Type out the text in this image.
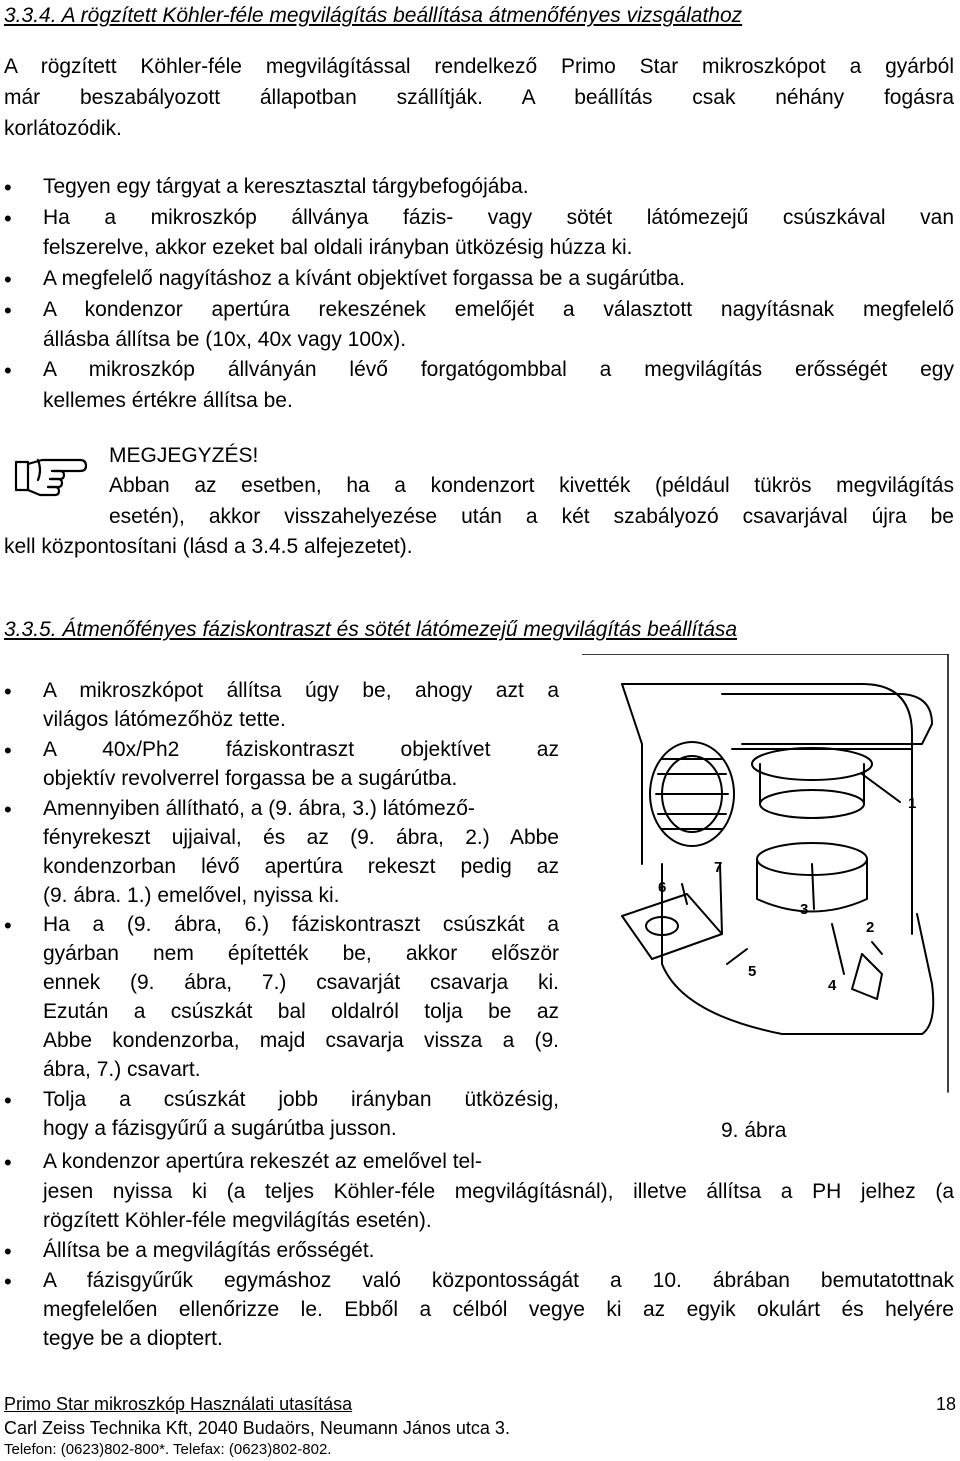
3.3.4. A rögzített Köhler-féle megvilágítás beállítása átmenőfényes vizsgálathoz
A rögzített Köhler-féle megvilágítással rendelkező Primo Star mikroszkópot a gyárból
már beszabályozott állapotban szállítják. A beállítás csak néhány fogásra
korlátozódik.
• Tegyen egy tárgyat a keresztasztal tárgybefogójába.
• Ha a mikroszkóp állványa fázis- vagy sötét látómezejű csúszkával van
felszerelve, akkor ezeket bal oldali irányban ütközésig húzza ki.
• A megfelelő nagyításhoz a kívánt objektívet forgassa be a sugárútba.
• A kondenzor apertúra rekeszének emelőjét a választott nagyításnak megfelelő
állásba állítsa be (10x, 40x vagy 100x).
• A mikroszkóp állványán lévő forgatógombbal a megvilágítás erősségét egy
kellemes értékre állítsa be.
MEGJEGYZÉS!
Abban az esetben, ha a kondenzort kivették (például tükrös megvilágítás
esetén), akkor visszahelyezése után a két szabályozó csavarjával újra be
kell központosítani (lásd a 3.4.5 alfejezetet).
3.3.5. Átmenőfényes fáziskontraszt és sötét látómezejű megvilágítás beállítása
• A mikroszkópot állítsa úgy be, ahogy azt a
világos látómezőhöz tette.
• A 40x/Ph2 fáziskontraszt objektívet az
objektív revolverrel forgassa be a sugárútba.
• Amennyiben állítható, a (9. ábra, 3.) látómező-
fényrekeszt ujjaival, és az (9. ábra, 2.) Abbe
kondenzorban lévő apertúra rekeszt pedig az
(9. ábra. 1.) emelővel, nyissa ki.
• Ha a (9. ábra, 6.) fáziskontraszt csúszkát a
gyárban nem építették be, akkor először
ennek (9. ábra, 7.) csavarját csavarja ki.
Ezután a csúszkát bal oldalról tolja be az
Abbe kondenzorba, majd csavarja vissza a (9.
ábra, 7.) csavart.
• Tolja a csúszkát jobb irányban ütközésig,
hogy a fázisgyűrű a sugárútba jusson.
• A kondenzor apertúra rekeszét az emelővel tel-
jesen nyissa ki (a teljes Köhler-féle megvilágításnál), illetve állítsa a PH jelhez (a
rögzített Köhler-féle megvilágítás esetén).
• Állítsa be a megvilágítás erősségét.
• A fázisgyűrűk egymáshoz való központosságát a 10. ábrában bemutatottnak
megfelelően ellenőrizze le. Ebből a célból vegye ki az egyik okulárt és helyére
tegye be a dioptert.
1
2
3
4
5
6
7
9. ábra
Primo Star mikroszkóp Használati utasítása	18
Carl Zeiss Technika Kft, 2040 Budaörs, Neumann János utca 3.
Telefon: (0623)802-800*. Telefax: (0623)802-802.
